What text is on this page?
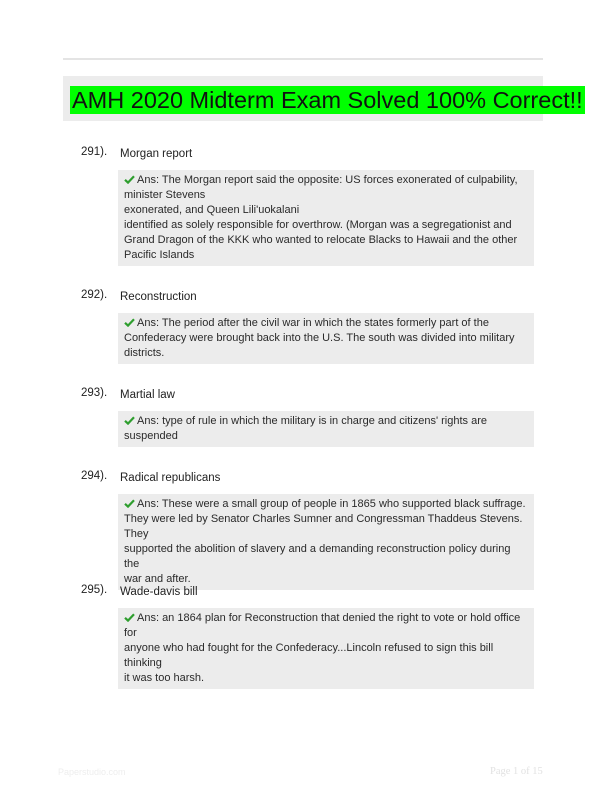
AMH 2020 Midterm Exam Solved 100% Correct!!
291). Morgan report
Ans: The Morgan report said the opposite: US forces exonerated of culpability,
minister Stevens
exonerated, and Queen Lili'uokalani
identified as solely responsible for overthrow. (Morgan was a segregationist and
Grand Dragon of the KKK who wanted to relocate Blacks to Hawaii and the other
Pacific Islands
292). Reconstruction
Ans: The period after the civil war in which the states formerly part of the
Confederacy were brought back into the U.S. The south was divided into military
districts.
293). Martial law
Ans: type of rule in which the military is in charge and citizens' rights are
suspended
294). Radical republicans
Ans: These were a small group of people in 1865 who supported black suffrage.
They were led by Senator Charles Sumner and Congressman Thaddeus Stevens. They
supported the abolition of slavery and a demanding reconstruction policy during the
war and after.
295). Wade-davis bill
Ans: an 1864 plan for Reconstruction that denied the right to vote or hold office for
anyone who had fought for the Confederacy...Lincoln refused to sign this bill thinking
it was too harsh.
Paperstudio.com	Page 1 of 15
